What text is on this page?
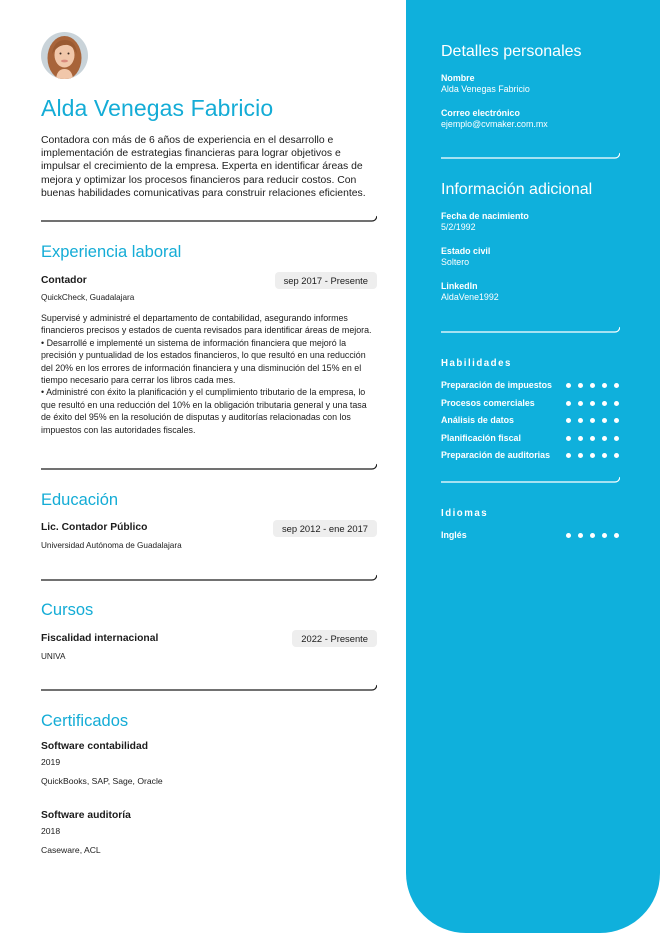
Alda Venegas Fabricio
Contadora con más de 6 años de experiencia en el desarrollo e implementación de estrategias financieras para lograr objetivos e impulsar el crecimiento de la empresa. Experta en identificar áreas de mejora y optimizar los procesos financieros para reducir costos. Con buenas habilidades comunicativas para construir relaciones eficientes.
Experiencia laboral
Contador	sep 2017 - Presente
QuickCheck, Guadalajara

Supervisé y administré el departamento de contabilidad, asegurando informes financieros precisos y estados de cuenta revisados para identificar áreas de mejora.

• Desarrollé e implementé un sistema de información financiera que mejoró la precisión y puntualidad de los estados financieros, lo que resultó en una reducción del 20% en los errores de información financiera y una disminución del 15% en el tiempo necesario para cerrar los libros cada mes.

• Administré con éxito la planificación y el cumplimiento tributario de la empresa, lo que resultó en una reducción del 10% en la obligación tributaria general y una tasa de éxito del 95% en la resolución de disputas y auditorías relacionadas con los impuestos con las autoridades fiscales.

Educación
Lic. Contador Público	sep 2012 - ene 2017
Universidad Autónoma de Guadalajara
Cursos
Fiscalidad internacional	2022 - Presente
UNIVA
Certificados
Software contabilidad
2019
QuickBooks, SAP, Sage, Oracle
Software auditoría
2018
Caseware, ACL
Detalles personales
Nombre
Alda Venegas Fabricio
Correo electrónico
ejemplo@cvmaker.com.mx
Información adicional
Fecha de nacimiento
5/2/1992
Estado civil
Soltero
LinkedIn
AldaVene1992
Habilidades
Preparación de impuestos
Procesos comerciales
Análisis de datos
Planificación fiscal
Preparación de auditorias
Idiomas
Inglés
